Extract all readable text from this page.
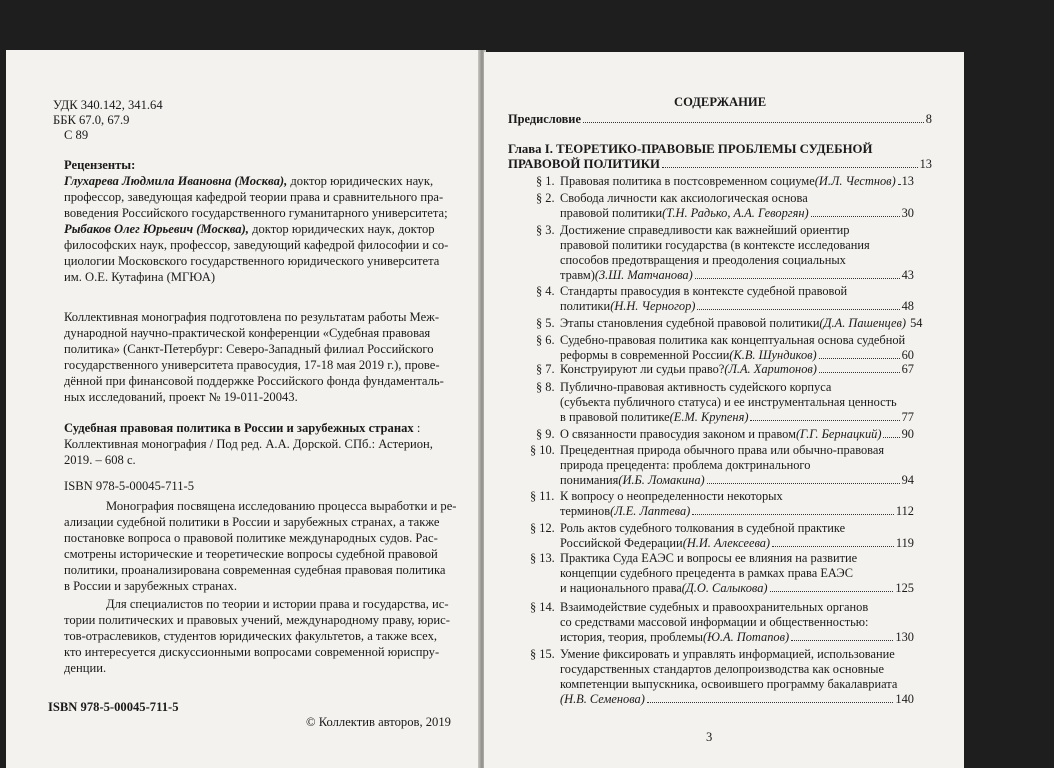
УДК 340.142, 341.64
ББК 67.0, 67.9
С 89
Рецензенты:
Глухарева Людмила Ивановна (Москва), доктор юридических наук,
профессор, заведующая кафедрой теории права и сравнительного пра-
воведения Российского государственного гуманитарного университета;
Рыбаков Олег Юрьевич (Москва), доктор юридических наук, доктор
философских наук, профессор, заведующий кафедрой философии и со-
циологии Московского государственного юридического университета
им. О.Е. Кутафина (МГЮА)
Коллективная монография подготовлена по результатам работы Меж-
дународной научно-практической конференции «Судебная правовая
политика» (Санкт-Петербург: Северо-Западный филиал Российского
государственного университета правосудия, 17-18 мая 2019 г.), прове-
дённой при финансовой поддержке Российского фонда фундаменталь-
ных исследований, проект № 19-011-20043.
Судебная правовая политика в России и зарубежных странах :
Коллективная монография / Под ред. А.А. Дорской. СПб.: Астерион,
2019. – 608 с.
ISBN 978-5-00045-711-5
Монография посвящена исследованию процесса выработки и ре-
ализации судебной политики в России и зарубежных странах, а также
постановке вопроса о правовой политике международных судов. Рас-
смотрены исторические и теоретические вопросы судебной правовой
политики, проанализирована современная судебная правовая политика
в России и зарубежных странах.
Для специалистов по теории и истории права и государства, ис-
тории политических и правовых учений, международному праву, юрис-
тов-отраслевиков, студентов юридических факультетов, а также всех,
кто интересуется дискуссионными вопросами современной юриспру-
денции.
ISBN 978-5-00045-711-5
© Коллектив авторов, 2019
СОДЕРЖАНИЕ
Предисловие	8
Глава I. ТЕОРЕТИКО-ПРАВОВЫЕ ПРОБЛЕМЫ СУДЕБНОЙ
ПРАВОВОЙ ПОЛИТИКИ	13
§ 1. Правовая политика в постсовременном социуме (И.Л. Честнов) 13
§ 2. Свобода личности как аксиологическая основа
правовой политики (Т.Н. Радько, А.А. Геворгян)	30
§ 3. Достижение справедливости как важнейший ориентир
правовой политики государства (в контексте исследования
способов предотвращения и преодоления социальных
травм) (З.Ш. Матчанова)	43
§ 4. Стандарты правосудия в контексте судебной правовой
политики (Н.Н. Черногор)	48
§ 5. Этапы становления судебной правовой политики (Д.А. Пашенцев) 54
§ 6. Судебно-правовая политика как концептуальная основа судебной
реформы в современной России (К.В. Шундиков)	60
§ 7. Конструируют ли судьи право? (Л.А. Харитонов)	67
§ 8. Публично-правовая активность судейского корпуса
(субъекта публичного статуса) и ее инструментальная ценность
в правовой политике (Е.М. Крупеня)	77
§ 9. О связанности правосудия законом и правом (Г.Г. Бернацкий) 90
§ 10. Прецедентная природа обычного права или обычно-правовая
природа прецедента: проблема доктринального
понимания (И.Б. Ломакина)	94
§ 11. К вопросу о неопределенности некоторых
терминов (Л.Е. Лаптева)	112
§ 12. Роль актов судебного толкования в судебной практике
Российской Федерации (Н.И. Алексеева)	119
§ 13. Практика Суда ЕАЭС и вопросы ее влияния на развитие
концепции судебного прецедента в рамках права ЕАЭС
и национального права (Д.О. Салыкова)	125
§ 14. Взаимодействие судебных и правоохранительных органов
со средствами массовой информации и общественностью:
история, теория, проблемы (Ю.А. Потапов)	130
§ 15. Умение фиксировать и управлять информацией, использование
государственных стандартов делопроизводства как основные
компетенции выпускника, освоившего программу бакалавриата
(Н.В. Семенова)	140
3
